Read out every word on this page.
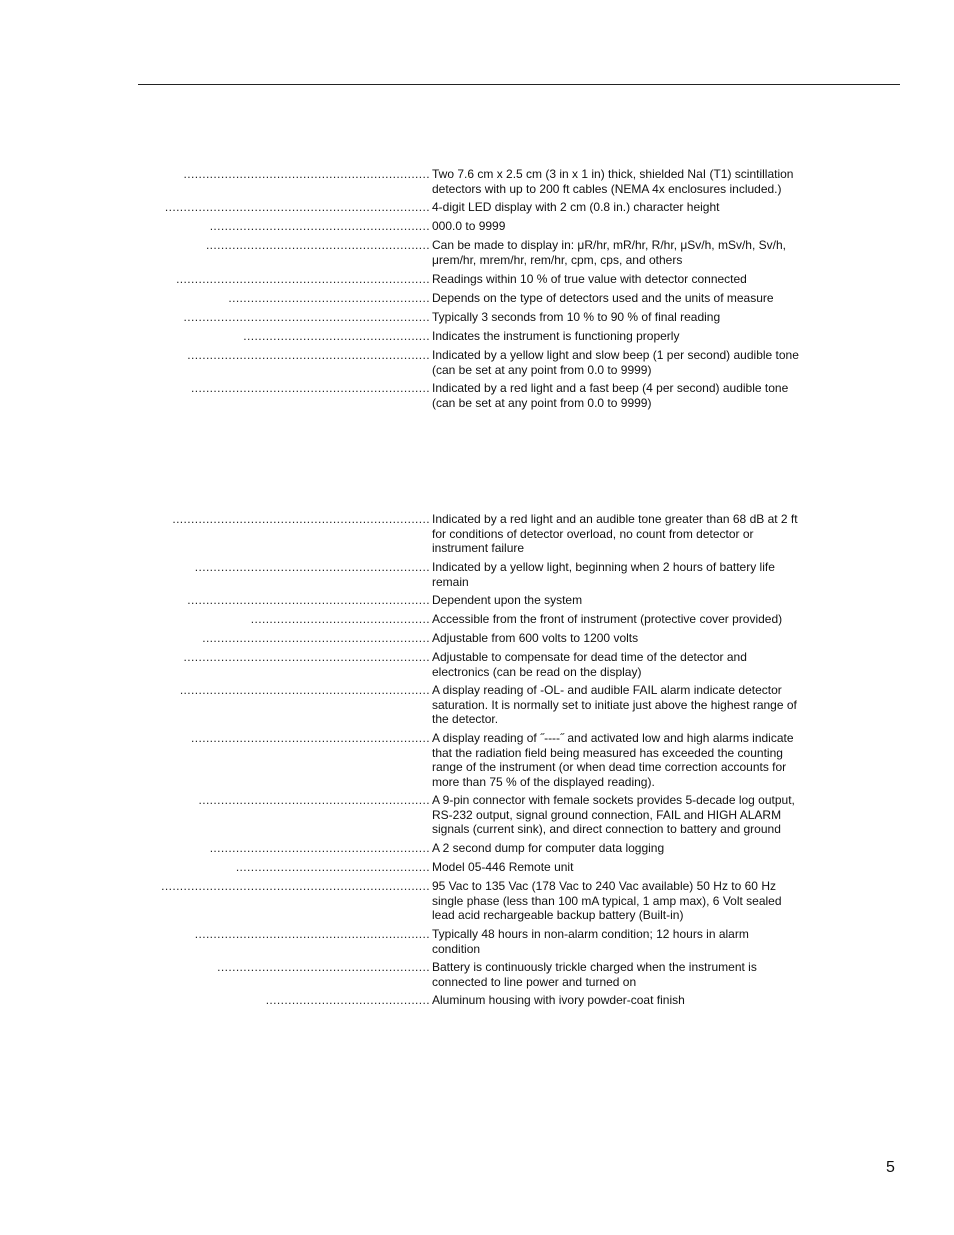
.................................................................. Two 7.6 cm x 2.5 cm (3 in x 1 in) thick, shielded NaI (T1) scintillation
detectors with up to 200 ft cables (NEMA 4x enclosures included.)
....................................................................... 4-digit LED display with 2 cm (0.8 in.) character height
........................................................... 000.0 to 9999
............................................................ Can be made to display in: μR/hr, mR/hr, R/hr, μSv/h, mSv/h, Sv/h,
μrem/hr, mrem/hr, rem/hr, cpm, cps, and others
.................................................................... Readings within 10 % of true value with detector connected
...................................................... Depends on the type of detectors used and the units of measure
.................................................................. Typically 3 seconds from 10 % to 90 % of final reading
.................................................. Indicates the instrument is functioning properly
................................................................. Indicated by a yellow light and slow beep (1 per second) audible tone
(can be set at any point from 0.0 to 9999)
................................................................ Indicated by a red light and a fast beep (4 per second) audible tone
(can be set at any point from 0.0 to 9999)
..................................................................... Indicated by a red light and an audible tone greater than 68 dB at 2 ft
for conditions of detector overload, no count from detector or
instrument failure
............................................................... Indicated by a yellow light, beginning when 2 hours of battery life
remain
................................................................. Dependent upon the system
................................................ Accessible from the front of instrument (protective cover provided)
............................................................. Adjustable from 600 volts to 1200 volts
.................................................................. Adjustable to compensate for dead time of the detector and
electronics (can be read on the display)
................................................................... A display reading of -OL- and audible FAIL alarm indicate detector
saturation. It is normally set to initiate just above the highest range of
the detector.
................................................................ A display reading of ˝----˝ and activated low and high alarms indicate
that the radiation field being measured has exceeded the counting
range of the instrument (or when dead time correction accounts for
more than 75 % of the displayed reading).
.............................................................. A 9-pin connector with female sockets provides 5-decade log output,
RS-232 output, signal ground connection, FAIL and HIGH ALARM
signals (current sink), and direct connection to battery and ground
........................................................... A 2 second dump for computer data logging
.................................................... Model 05-446 Remote unit
........................................................................ 95 Vac to 135 Vac (178 Vac to 240 Vac available) 50 Hz to 60 Hz
single phase (less than 100 mA typical, 1 amp max), 6 Volt sealed
lead acid rechargeable backup battery (Built-in)
............................................................... Typically 48 hours in non-alarm condition; 12 hours in alarm
condition
......................................................... Battery is continuously trickle charged when the instrument is
connected to line power and turned on
............................................ Aluminum housing with ivory powder-coat finish
5
